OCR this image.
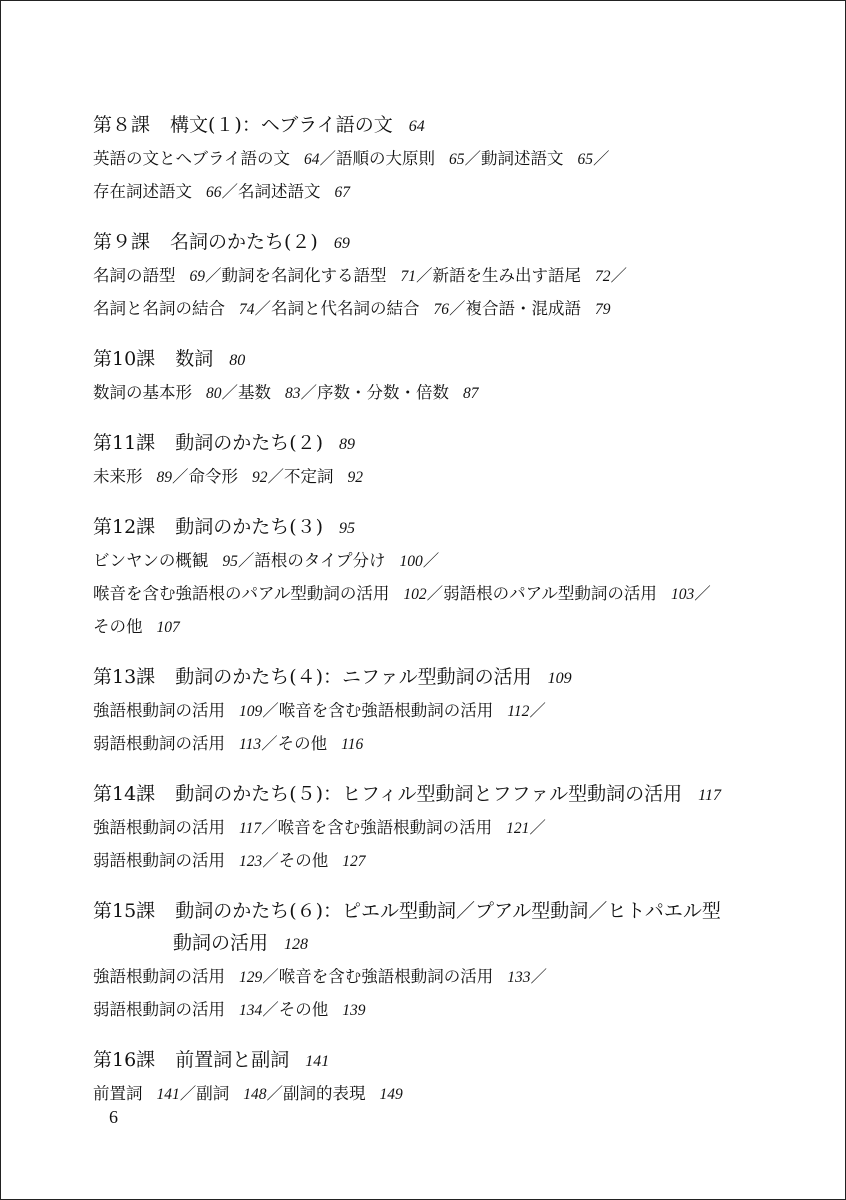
第８課 構文(１)：ヘブライ語の文 64
英語の文とヘブライ語の文 64／語順の大原則 65／動詞述語文 65／
存在詞述語文 66／名詞述語文 67
第９課 名詞のかたち(２) 69
名詞の語型 69／動詞を名詞化する語型 71／新語を生み出す語尾 72／
名詞と名詞の結合 74／名詞と代名詞の結合 76／複合語・混成語 79
第10課 数詞 80
数詞の基本形 80／基数 83／序数・分数・倍数 87
第11課 動詞のかたち(２) 89
未来形 89／命令形 92／不定詞 92
第12課 動詞のかたち(３) 95
ビンヤンの概観 95／語根のタイプ分け 100／
喉音を含む強語根のパアル型動詞の活用 102／弱語根のパアル型動詞の活用 103／
その他 107
第13課 動詞のかたち(４)：ニファル型動詞の活用 109
強語根動詞の活用 109／喉音を含む強語根動詞の活用 112／
弱語根動詞の活用 113／その他 116
第14課 動詞のかたち(５)：ヒフィル型動詞とフファル型動詞の活用 117
強語根動詞の活用 117／喉音を含む強語根動詞の活用 121／
弱語根動詞の活用 123／その他 127
第15課 動詞のかたち(６)：ピエル型動詞／プアル型動詞／ヒトパエル型

動詞の活用 128
強語根動詞の活用 129／喉音を含む強語根動詞の活用 133／
弱語根動詞の活用 134／その他 139
第16課 前置詞と副詞 141
前置詞 141／副詞 148／副詞的表現 149
6
